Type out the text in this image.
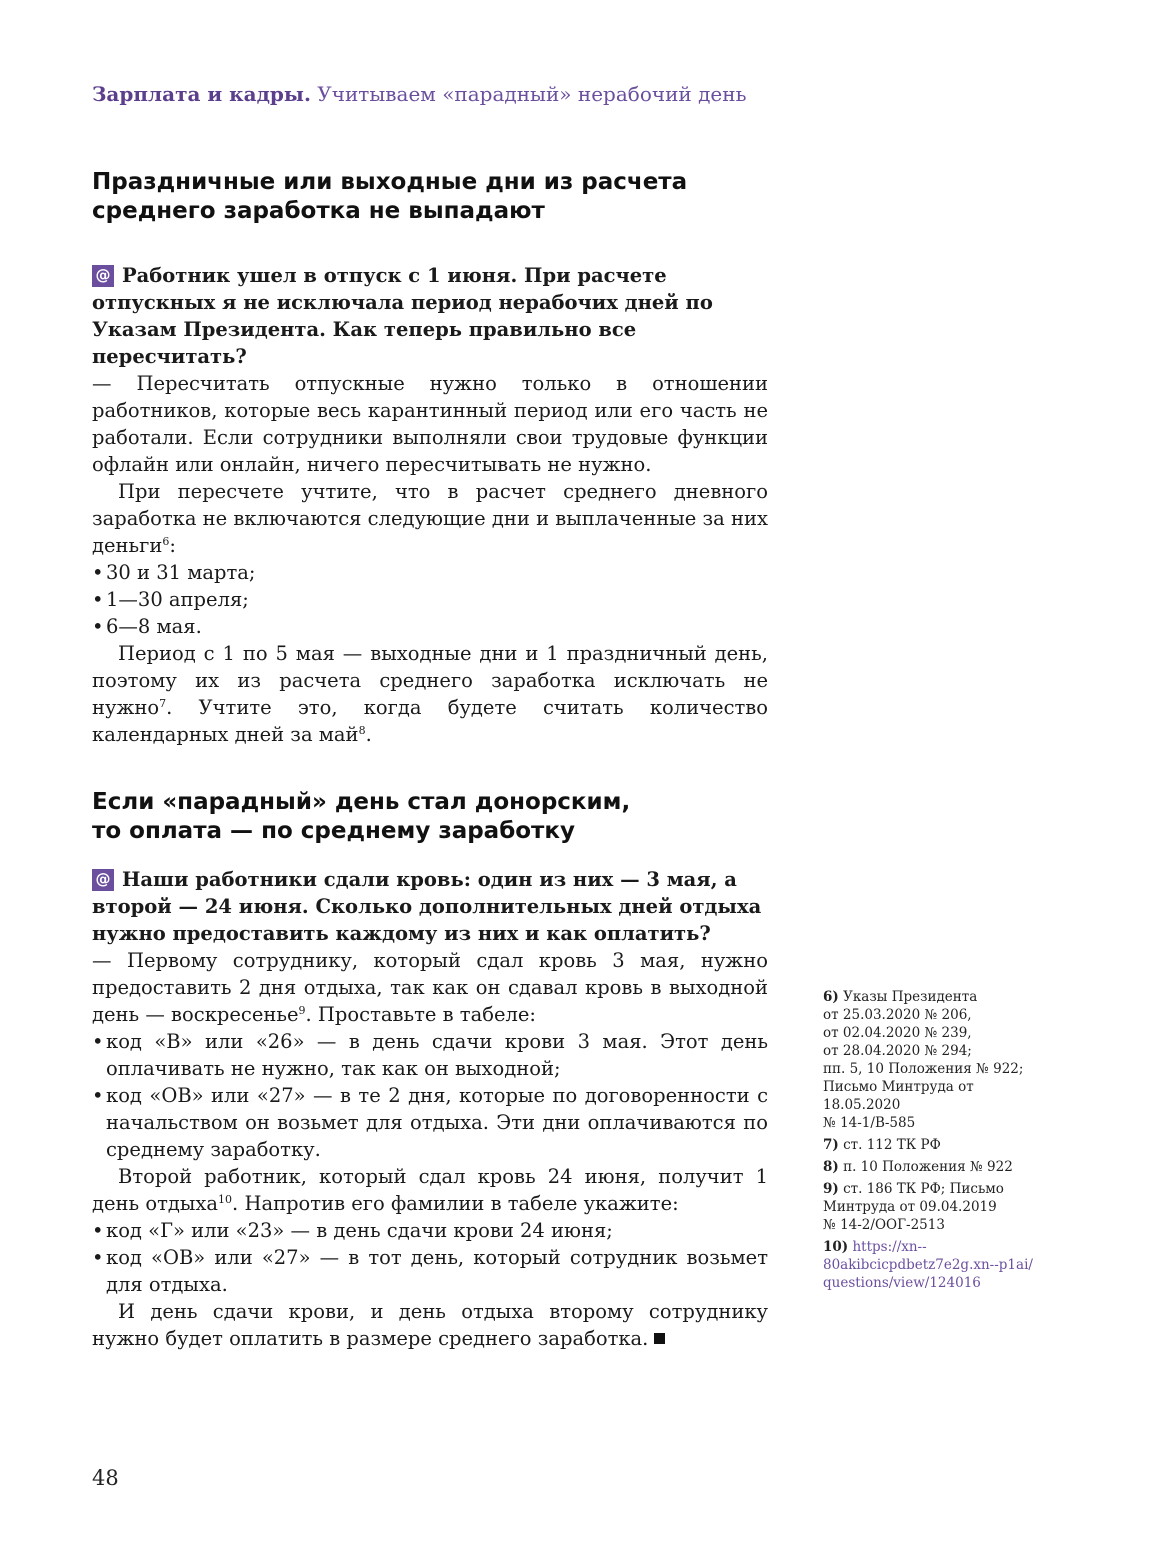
Зарплата и кадры. Учитываем «парадный» нерабочий день
Праздничные или выходные дни из расчета
среднего заработка не выпадают

@ Работник ушел в отпуск с 1 июня. При расчете отпускных я не исключала период нерабочих дней по Указам Президента. Как теперь правильно все пересчитать?

— Пересчитать отпускные нужно только в отношении работников, которые весь карантинный период или его часть не работали. Если сотрудники выполняли свои трудовые функции офлайн или онлайн, ничего пересчитывать не нужно.

При пересчете учтите, что в расчет среднего дневного заработка не включаются следующие дни и выплаченные за них деньги$^6$:

• 30 и 31 марта;
• 1—30 апреля;
• 6—8 мая.

Период с 1 по 5 мая — выходные дни и 1 праздничный день, поэтому их из расчета среднего заработка исключать не нужно$^7$. Учтите это, когда будете считать количество календарных дней за май$^8$.

Если «парадный» день стал донорским,
то оплата — по среднему заработку

@ Наши работники сдали кровь: один из них — 3 мая, а второй — 24 июня. Сколько дополнительных дней отдыха нужно предоставить каждому из них и как оплатить?

— Первому сотруднику, который сдал кровь 3 мая, нужно предоставить 2 дня отдыха, так как он сдавал кровь в выходной день — воскресенье$^9$. Проставьте в табеле:

• код «В» или «26» — в день сдачи крови 3 мая. Этот день оплачивать не нужно, так как он выходной;
• код «ОВ» или «27» — в те 2 дня, которые по договоренности с начальством он возьмет для отдыха. Эти дни оплачиваются по среднему заработку.

Второй работник, который сдал кровь 24 июня, получит 1 день отдыха$^{10}$. Напротив его фамилии в табеле укажите:

• код «Г» или «23» — в день сдачи крови 24 июня;
• код «ОВ» или «27» — в тот день, который сотрудник возьмет для отдыха.

И день сдачи крови, и день отдыха второму сотруднику нужно будет оплатить в размере среднего заработка.

6) Указы Президента
от 25.03.2020 № 206,
от 02.04.2020 № 239,
от 28.04.2020 № 294;
пп. 5, 10 Положения № 922;
Письмо Минтруда от 18.05.2020
№ 14-1/В-585
7) ст. 112 ТК РФ
8) п. 10 Положения № 922
9) ст. 186 ТК РФ; Письмо
Минтруда от 09.04.2019
№ 14-2/ООГ-2513
10) https://xn--
80akibcicpdbetz7e2g.xn--p1ai/
questions/view/124016
48
